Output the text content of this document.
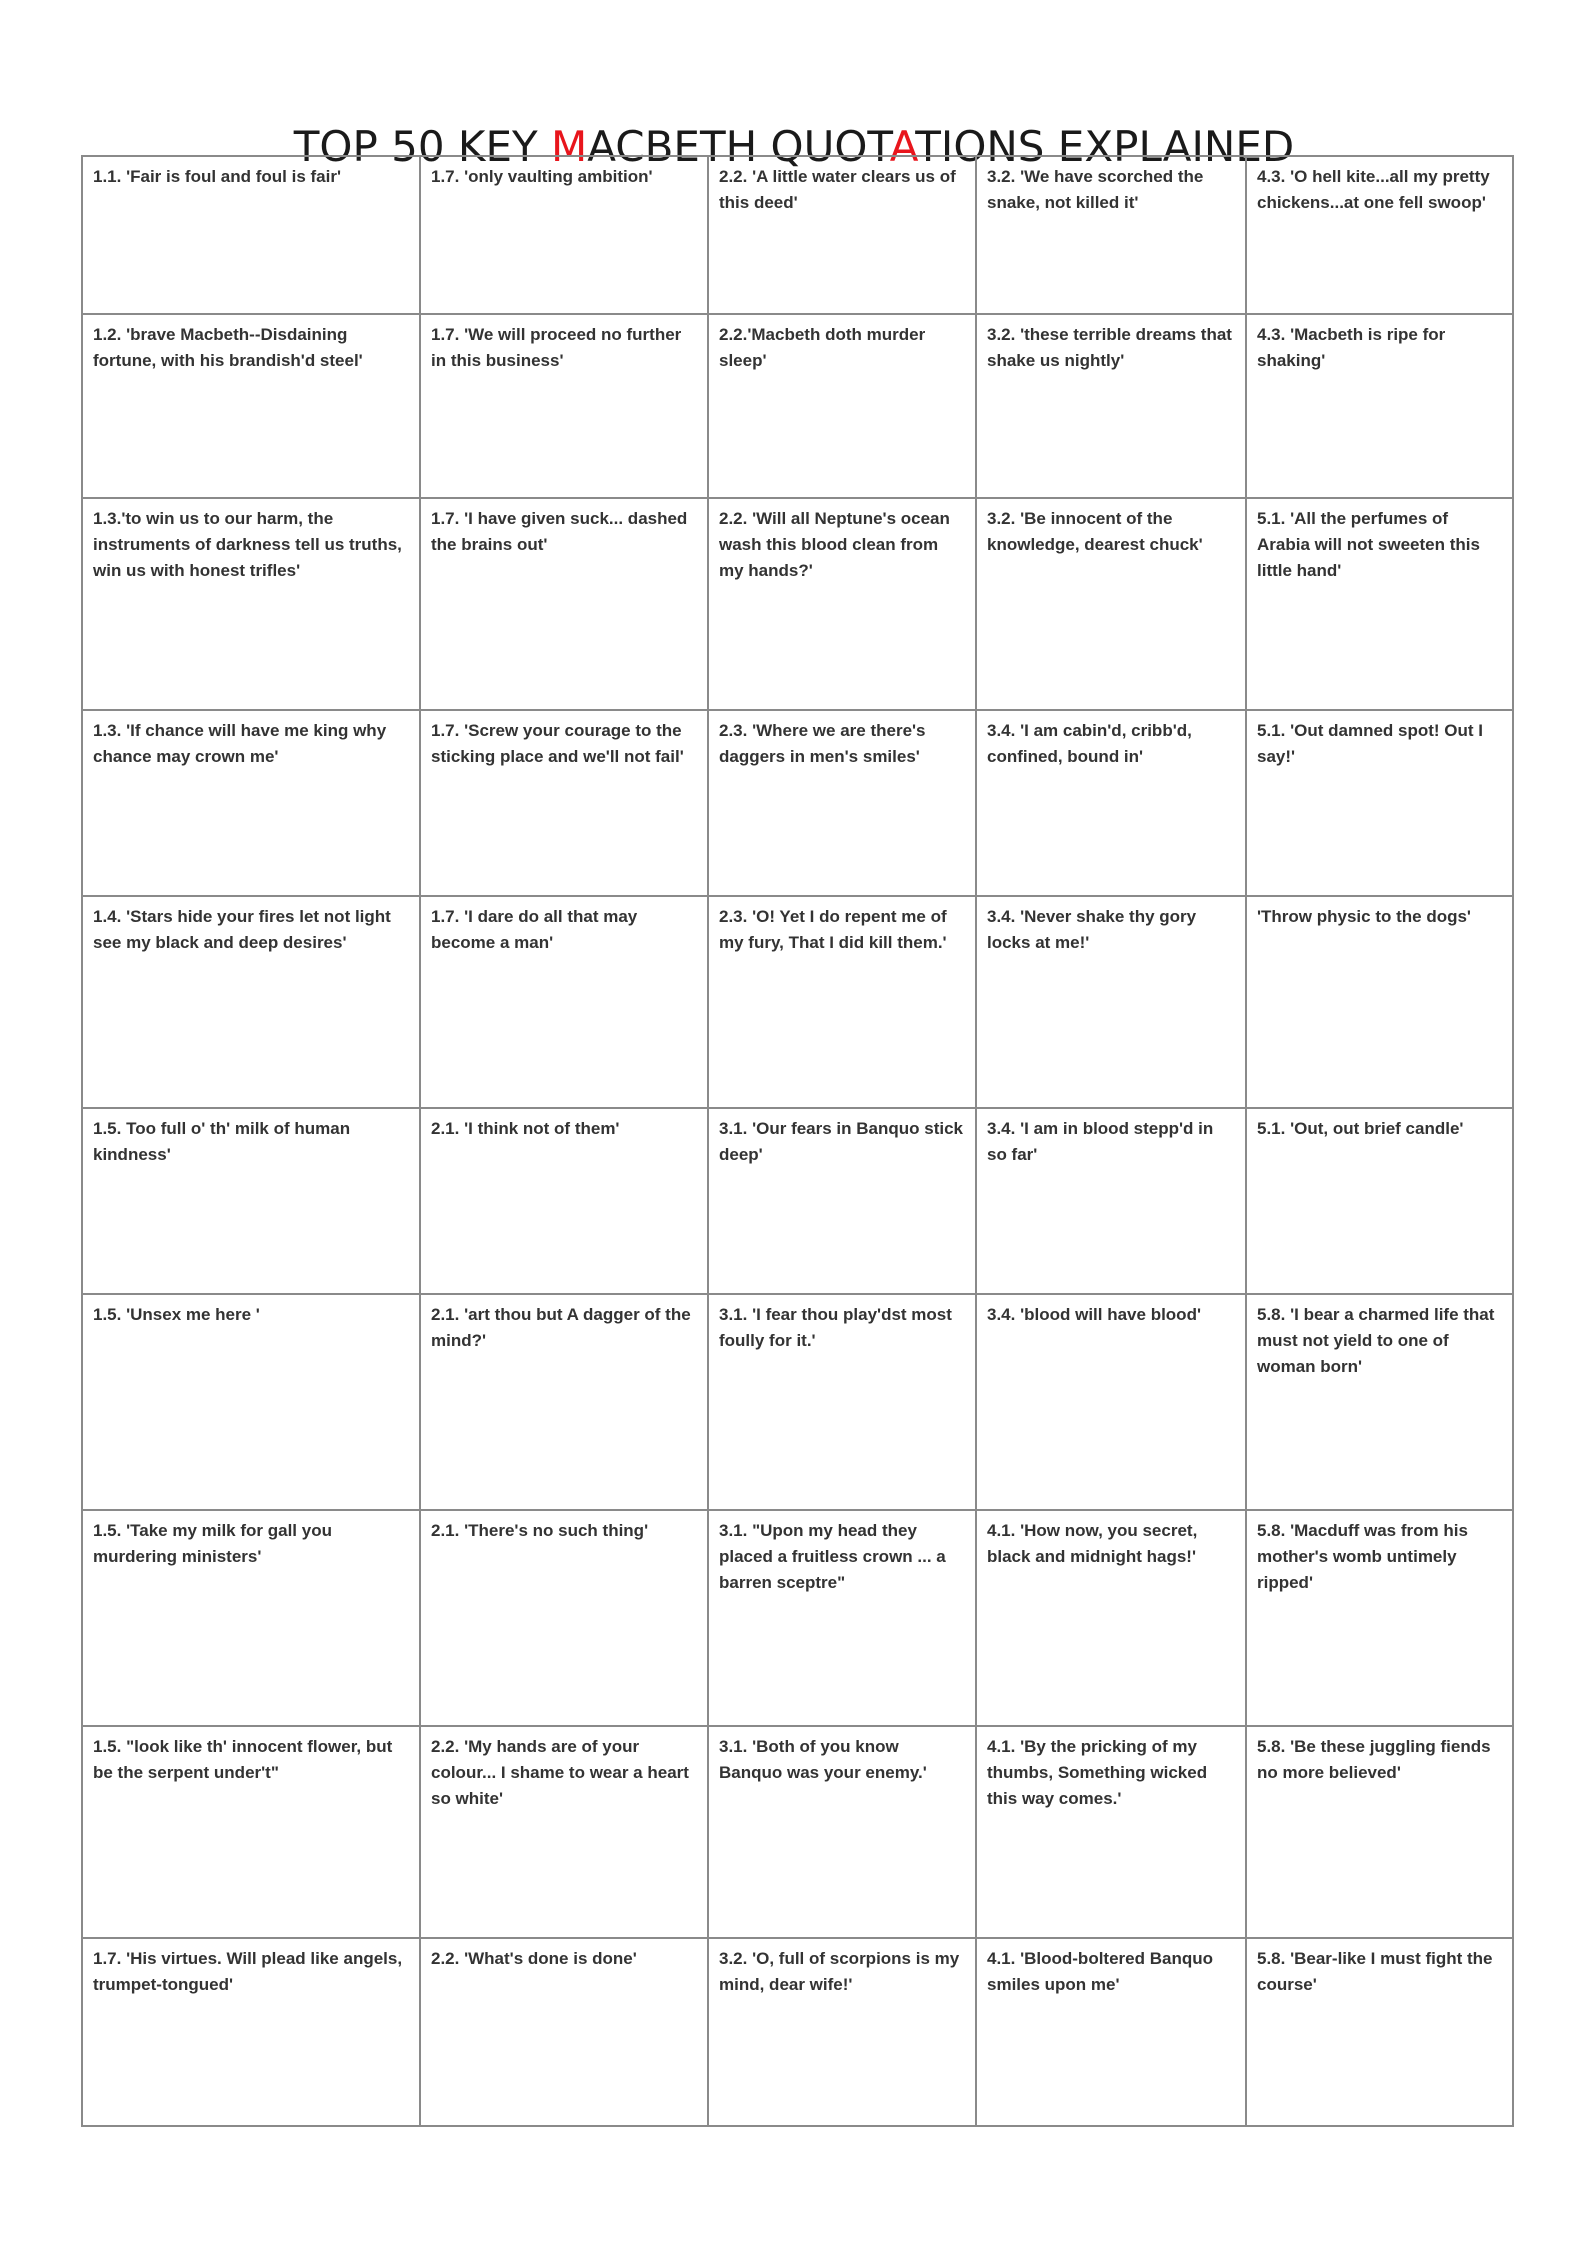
TOP 50 KEY MACBETH QUOTATIONS EXPLAINED
1.1. 'Fair is foul and foul is fair'	1.7. 'only vaulting ambition'	2.2. 'A little water clears us of this deed'	3.2. 'We have scorched the snake, not killed it'	4.3. 'O hell kite...all my pretty chickens...at one fell swoop'
1.2. 'brave Macbeth--Disdaining fortune, with his brandish'd steel'	1.7. 'We will proceed no further in this business'	2.2.'Macbeth doth murder sleep'	3.2. 'these terrible dreams that shake us nightly'	4.3. 'Macbeth is ripe for shaking'
1.3.'to win us to our harm, the instruments of darkness tell us truths, win us with honest trifles'	1.7. 'I have given suck... dashed the brains out'	2.2. 'Will all Neptune's ocean wash this blood clean from my hands?'	3.2. 'Be innocent of the knowledge, dearest chuck'	5.1. 'All the perfumes of Arabia will not sweeten this little hand'
1.3. 'If chance will have me king why chance may crown me'	1.7. 'Screw your courage to the sticking place and we'll not fail'	2.3. 'Where we are there's daggers in men's smiles'	3.4. 'I am cabin'd, cribb'd, confined, bound in'	5.1. 'Out damned spot! Out I say!'
1.4. 'Stars hide your fires let not light see my black and deep desires'	1.7. 'I dare do all that may become a man'	2.3. 'O! Yet I do repent me of my fury, That I did kill them.'	3.4. 'Never shake thy gory locks at me!'	'Throw physic to the dogs'
1.5. Too full o' th' milk of human kindness'	2.1. 'I think not of them'	3.1. 'Our fears in Banquo stick deep'	3.4. 'I am in blood stepp'd in so far'	5.1. 'Out, out brief candle'
1.5. 'Unsex me here '	2.1. 'art thou but A dagger of the mind?'	3.1. 'I fear thou play'dst most foully for it.'	3.4. 'blood will have blood'	5.8. 'I bear a charmed life that must not yield to one of woman born'
1.5. 'Take my milk for gall you murdering ministers'	2.1. 'There's no such thing'	3.1. "Upon my head they placed a fruitless crown ... a barren sceptre"	4.1. 'How now, you secret, black and midnight hags!'	5.8. 'Macduff was from his mother's womb untimely ripped'
1.5. "look like th' innocent flower, but be the serpent under't"	2.2. 'My hands are of your colour... I shame to wear a heart so white'	3.1. 'Both of you know Banquo was your enemy.'	4.1. 'By the pricking of my thumbs, Something wicked this way comes.'	5.8. 'Be these juggling fiends no more believed'
1.7. 'His virtues. Will plead like angels, trumpet-tongued'	2.2. 'What's done is done'	3.2. 'O, full of scorpions is my mind, dear wife!'	4.1. 'Blood-boltered Banquo smiles upon me'	5.8. 'Bear-like I must fight the course'
